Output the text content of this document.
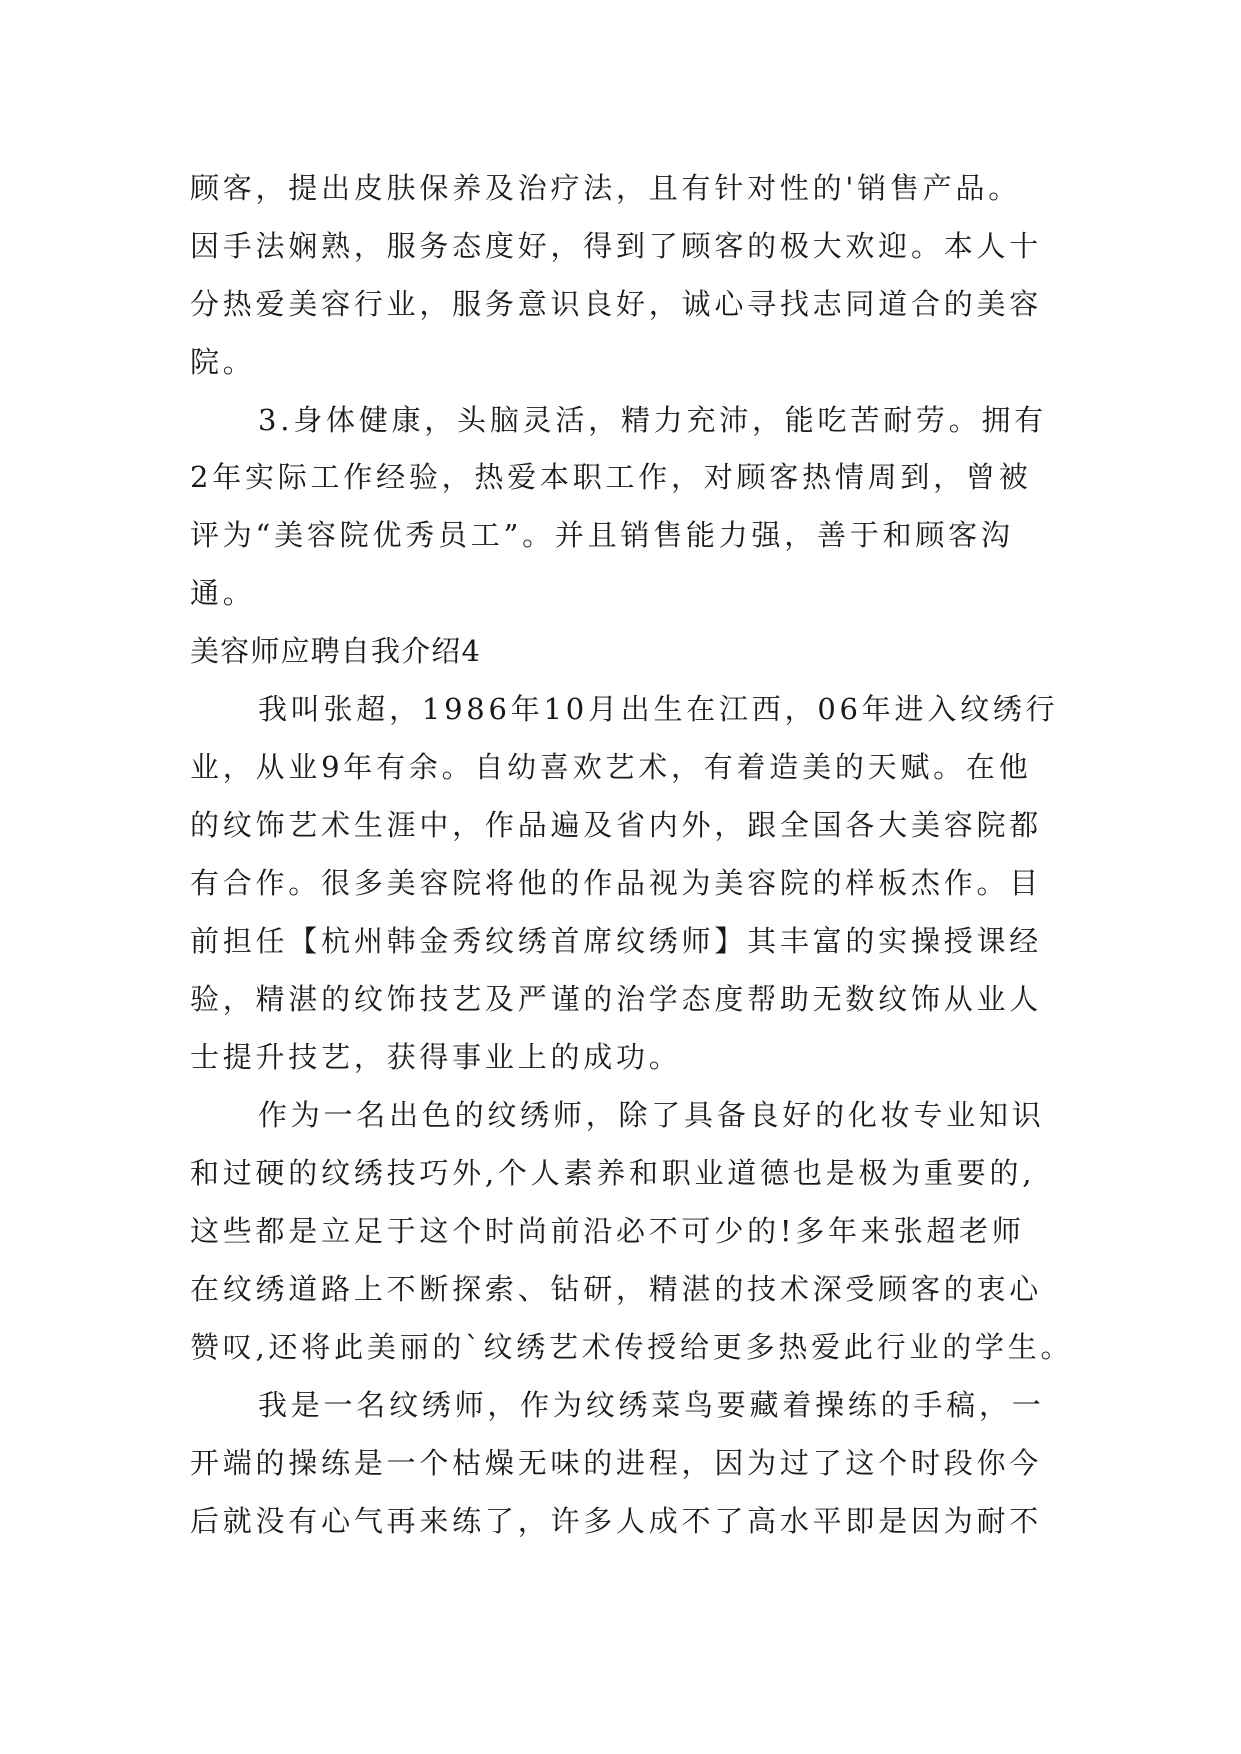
顾客，提出皮肤保养及治疗法，且有针对性的'销售产品。
因手法娴熟，服务态度好，得到了顾客的极大欢迎。本人十
分热爱美容行业，服务意识良好，诚心寻找志同道合的美容
院。
3.身体健康，头脑灵活，精力充沛，能吃苦耐劳。拥有
2年实际工作经验，热爱本职工作，对顾客热情周到，曾被
评为“美容院优秀员工”。并且销售能力强，善于和顾客沟
通。
美容师应聘自我介绍4
我叫张超，1986年10月出生在江西，06年进入纹绣行
业，从业9年有余。自幼喜欢艺术，有着造美的天赋。在他
的纹饰艺术生涯中，作品遍及省内外，跟全国各大美容院都
有合作。很多美容院将他的作品视为美容院的样板杰作。目
前担任【杭州韩金秀纹绣首席纹绣师】其丰富的实操授课经
验，精湛的纹饰技艺及严谨的治学态度帮助无数纹饰从业人
士提升技艺，获得事业上的成功。
作为一名出色的纹绣师，除了具备良好的化妆专业知识
和过硬的纹绣技巧外,个人素养和职业道德也是极为重要的,
这些都是立足于这个时尚前沿必不可少的!多年来张超老师
在纹绣道路上不断探索、钻研，精湛的技术深受顾客的衷心
赞叹,还将此美丽的`纹绣艺术传授给更多热爱此行业的学生。
我是一名纹绣师，作为纹绣菜鸟要藏着操练的手稿，一
开端的操练是一个枯燥无味的进程，因为过了这个时段你今
后就没有心气再来练了，许多人成不了高水平即是因为耐不
